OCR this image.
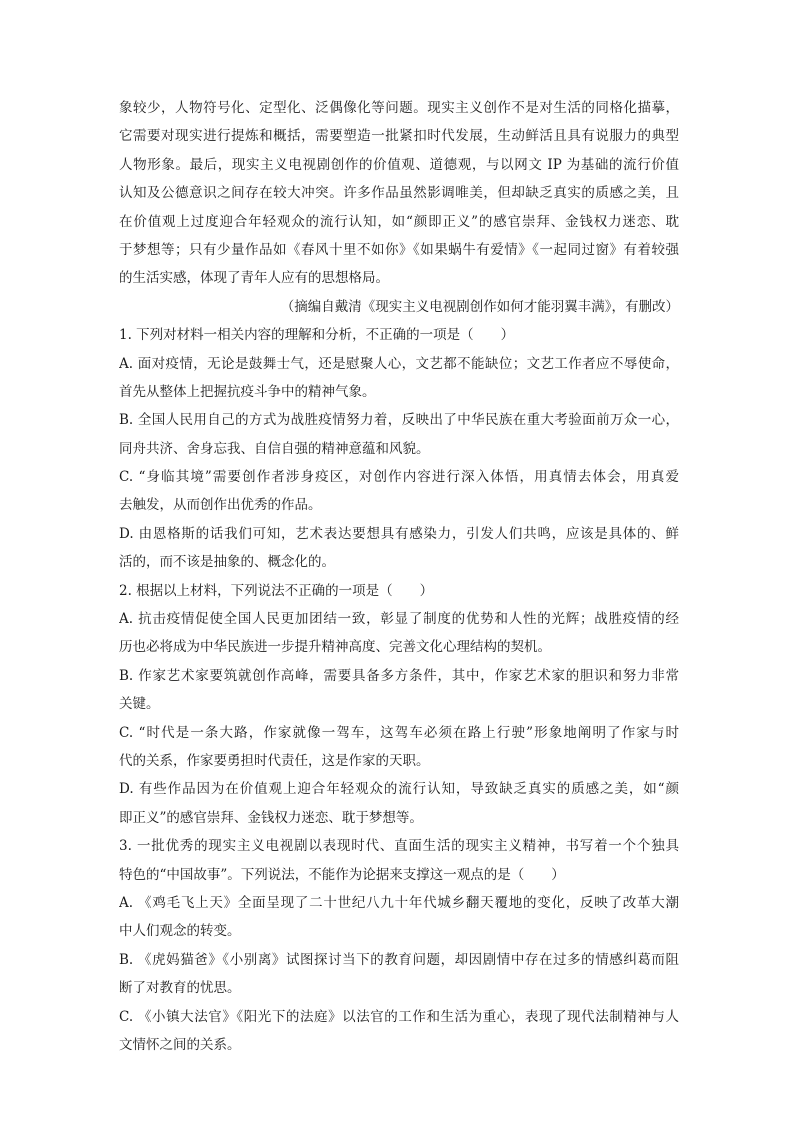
象较少，人物符号化、定型化、泛偶像化等问题。现实主义创作不是对生活的同格化描摹，
它需要对现实进行提炼和概括，需要塑造一批紧扣时代发展，生动鲜活且具有说服力的典型
人物形象。最后，现实主义电视剧创作的价值观、道德观，与以网文 IP 为基础的流行价值
认知及公德意识之间存在较大冲突。许多作品虽然影调唯美，但却缺乏真实的质感之美，且
在价值观上过度迎合年轻观众的流行认知，如“颜即正义”的感官崇拜、金钱权力迷恋、耽
于梦想等；只有少量作品如《春风十里不如你》《如果蜗牛有爱情》《一起同过窗》有着较强
的生活实感，体现了青年人应有的思想格局。
（摘编自戴清《现实主义电视剧创作如何才能羽翼丰满》，有删改）
1. 下列对材料一相关内容的理解和分析，不正确的一项是（　　）
A. 面对疫情，无论是鼓舞士气，还是慰聚人心，文艺都不能缺位；文艺工作者应不辱使命，
首先从整体上把握抗疫斗争中的精神气象。
B. 全国人民用自己的方式为战胜疫情努力着，反映出了中华民族在重大考验面前万众一心，
同舟共济、舍身忘我、自信自强的精神意蕴和风貌。
C. “身临其境”需要创作者涉身疫区，对创作内容进行深入体悟，用真情去体会，用真爱
去触发，从而创作出优秀的作品。
D. 由恩格斯的话我们可知，艺术表达要想具有感染力，引发人们共鸣，应该是具体的、鲜
活的，而不该是抽象的、概念化的。
2. 根据以上材料，下列说法不正确的一项是（　　）
A. 抗击疫情促使全国人民更加团结一致，彰显了制度的优势和人性的光辉；战胜疫情的经
历也必将成为中华民族进一步提升精神高度、完善文化心理结构的契机。
B. 作家艺术家要筑就创作高峰，需要具备多方条件，其中，作家艺术家的胆识和努力非常
关键。
C. “时代是一条大路，作家就像一驾车，这驾车必须在路上行驶”形象地阐明了作家与时
代的关系，作家要勇担时代责任，这是作家的天职。
D. 有些作品因为在价值观上迎合年轻观众的流行认知，导致缺乏真实的质感之美，如“颜
即正义”的感官崇拜、金钱权力迷恋、耽于梦想等。
3. 一批优秀的现实主义电视剧以表现时代、直面生活的现实主义精神，书写着一个个独具
特色的“中国故事”。下列说法，不能作为论据来支撑这一观点的是（　　）
A. 《鸡毛飞上天》全面呈现了二十世纪八九十年代城乡翻天覆地的变化，反映了改革大潮
中人们观念的转变。
B. 《虎妈猫爸》《小别离》试图探讨当下的教育问题，却因剧情中存在过多的情感纠葛而阻
断了对教育的忧思。
C. 《小镇大法官》《阳光下的法庭》以法官的工作和生活为重心，表现了现代法制精神与人
文情怀之间的关系。
